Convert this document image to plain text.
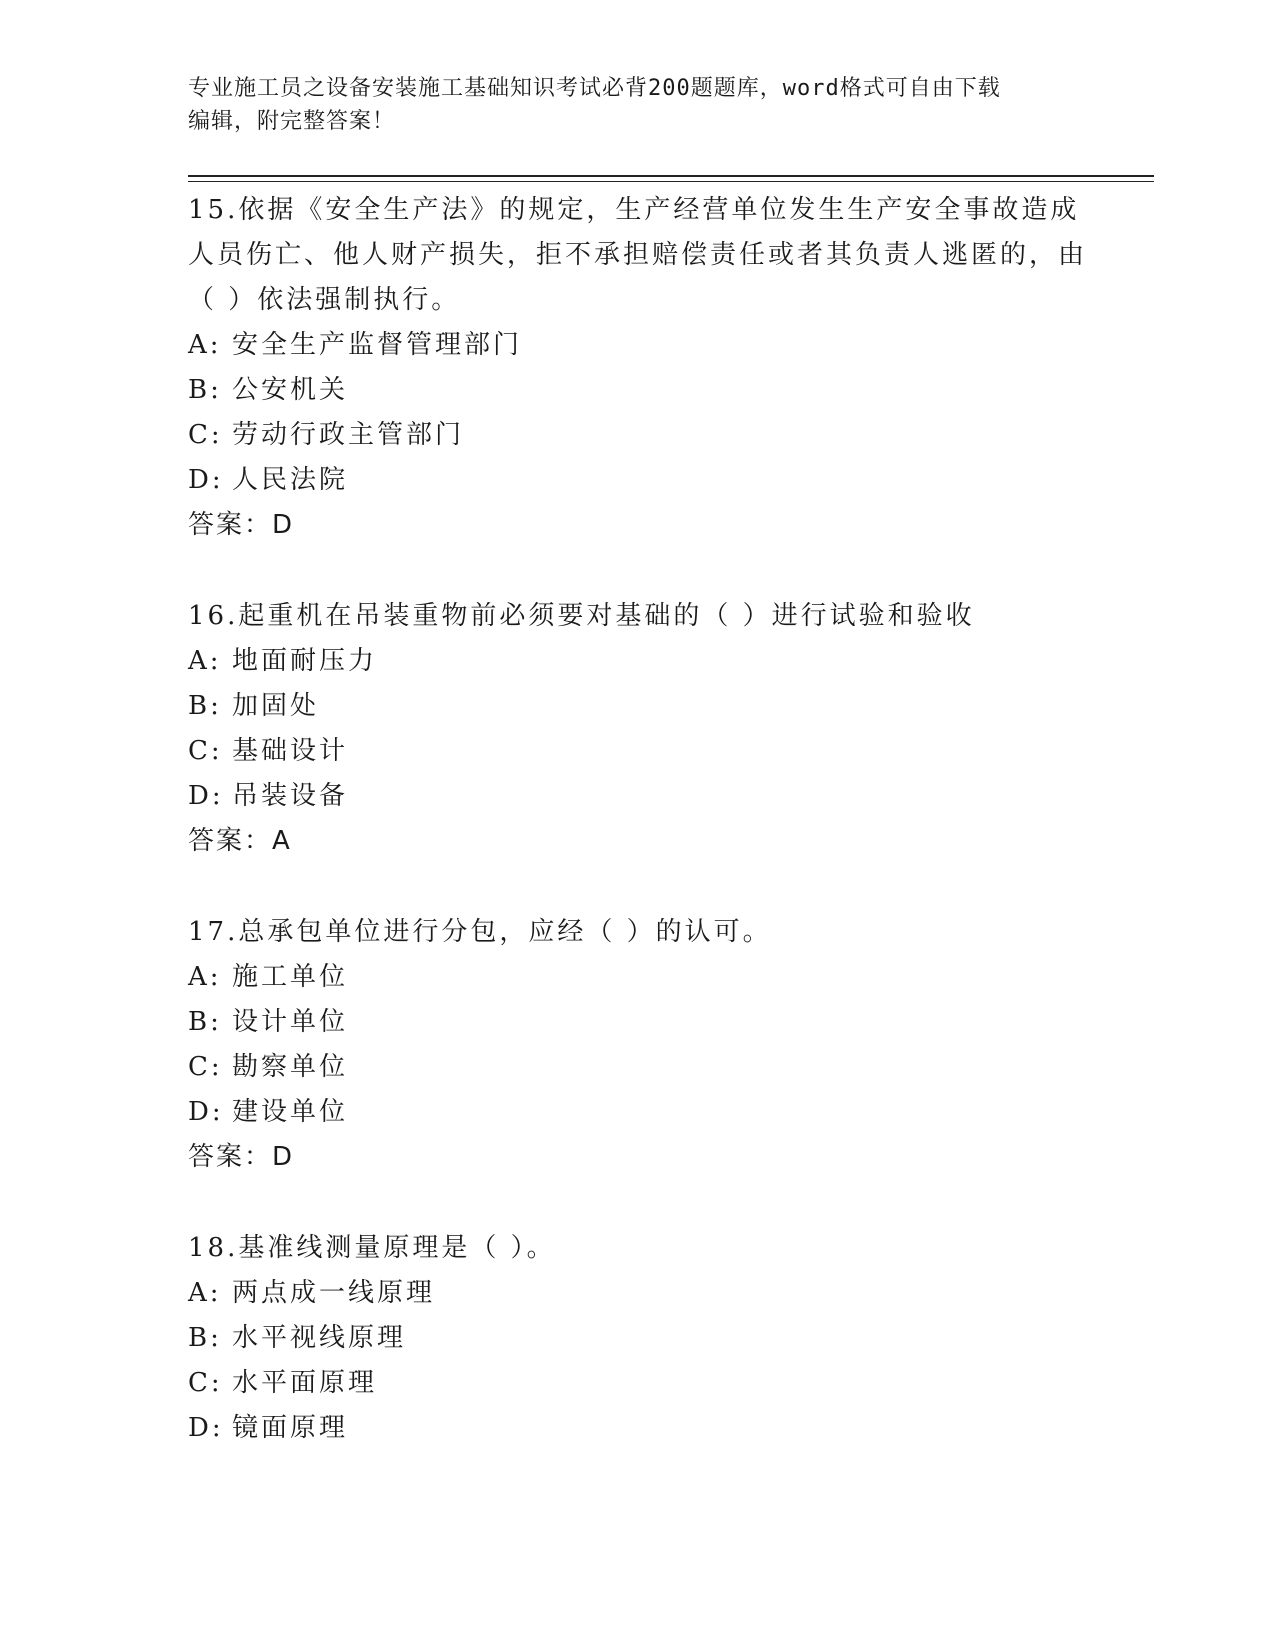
专业施工员之设备安装施工基础知识考试必背200题题库，word格式可自由下载
编辑，附完整答案！
15.依据《安全生产法》的规定，生产经营单位发生生产安全事故造成人员伤亡、他人财产损失，拒不承担赔偿责任或者其负责人逃匿的，由（ ）依法强制执行。
A: 安全生产监督管理部门
B: 公安机关
C: 劳动行政主管部门
D: 人民法院
答案：D
16.起重机在吊装重物前必须要对基础的（ ）进行试验和验收
A: 地面耐压力
B: 加固处
C: 基础设计
D: 吊装设备
答案：A
17.总承包单位进行分包，应经（ ）的认可。
A: 施工单位
B: 设计单位
C: 勘察单位
D: 建设单位
答案：D
18.基准线测量原理是（ ）。
A: 两点成一线原理
B: 水平视线原理
C: 水平面原理
D: 镜面原理
